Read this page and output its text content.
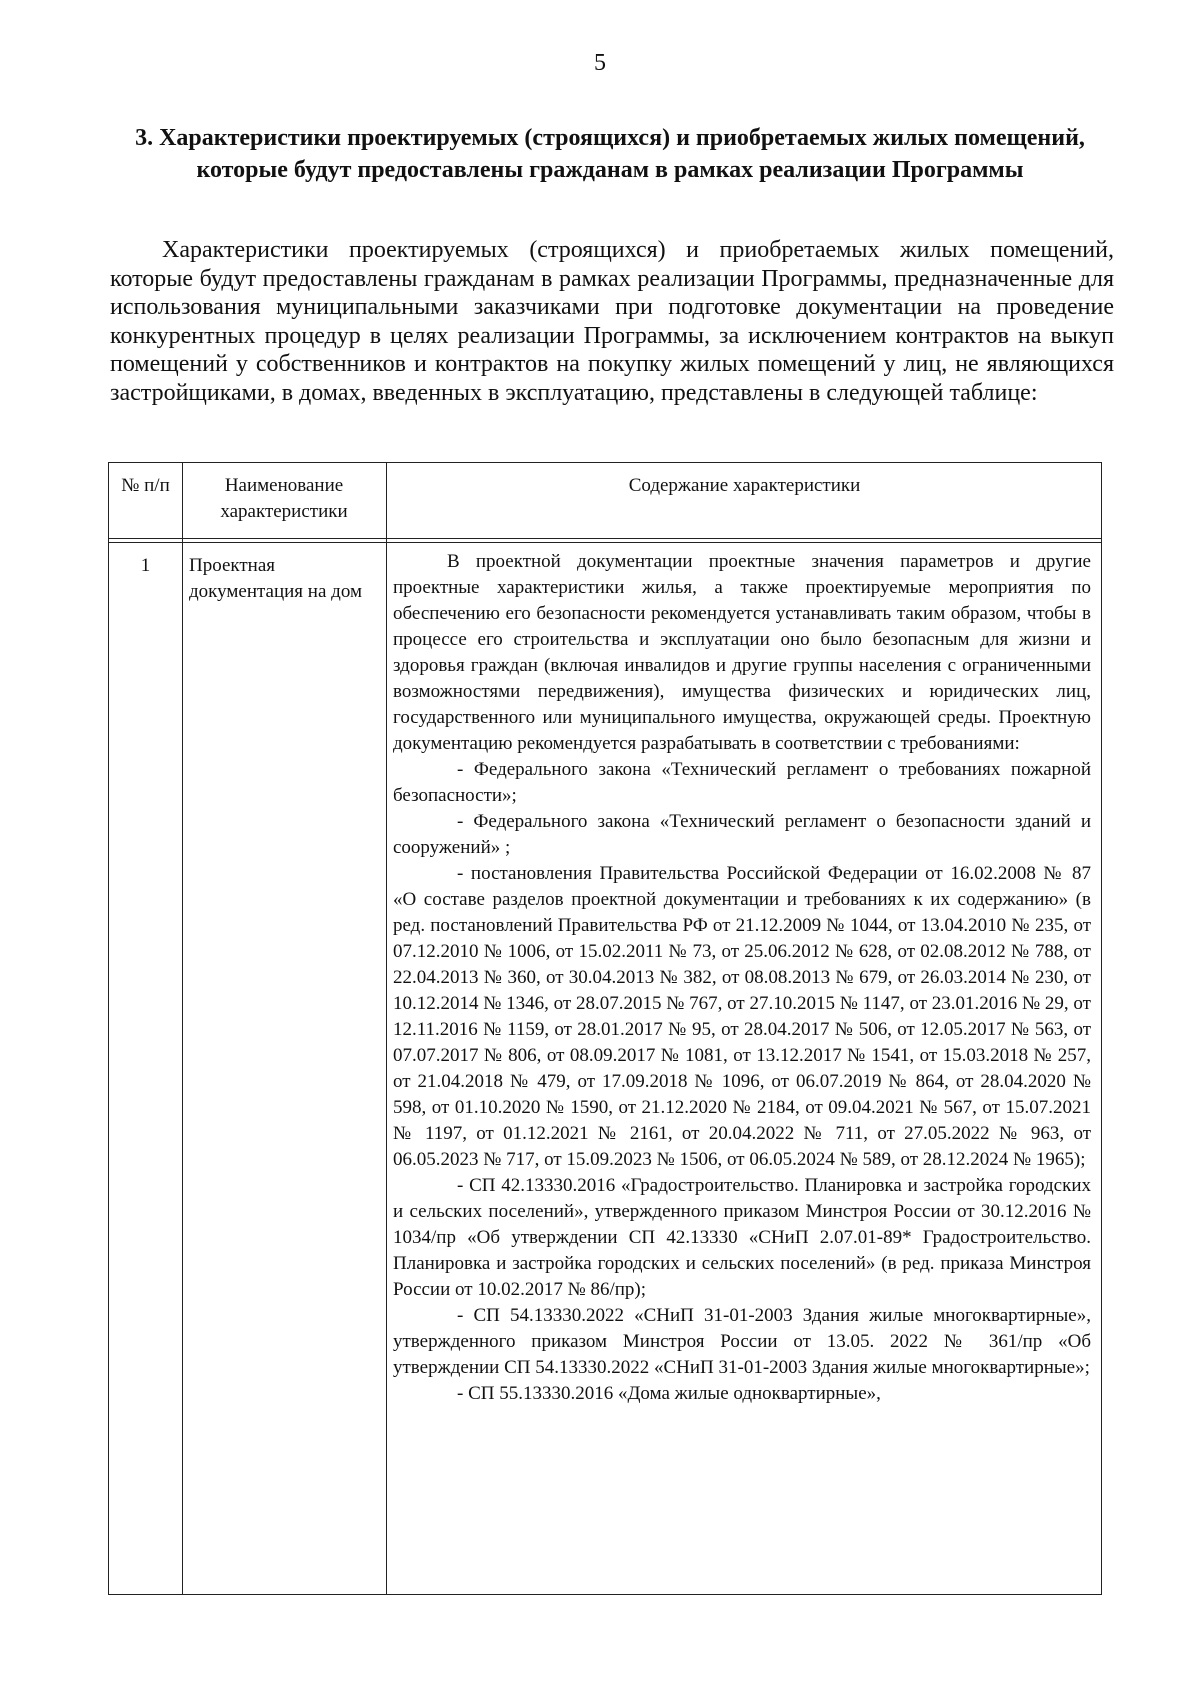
5
3. Характеристики проектируемых (строящихся) и приобретаемых жилых помещений, которые будут предоставлены гражданам в рамках реализации Программы

Характеристики проектируемых (строящихся) и приобретаемых жилых помещений, которые будут предоставлены гражданам в рамках реализации Программы, предназначенные для использования муниципальными заказчиками при подготовке документации на проведение конкурентных процедур в целях реализации Программы, за исключением контрактов на выкуп помещений у собственников и контрактов на покупку жилых помещений у лиц, не являющихся застройщиками, в домах, введенных в эксплуатацию, представлены в следующей таблице:

№ п/п	Наименование характеристики
Содержание характеристики
1	Проектная документация на дом

В проектной документации проектные значения параметров и другие проектные характеристики жилья, а также проектируемые мероприятия по обеспечению его безопасности рекомендуется устанавливать таким образом, чтобы в процессе его строительства и эксплуатации оно было безопасным для жизни и здоровья граждан (включая инвалидов и другие группы населения с ограниченными возможностями передвижения), имущества физических и юридических лиц, государственного или муниципального имущества, окружающей среды. Проектную документацию рекомендуется разрабатывать в соответствии с требованиями:

- Федерального закона «Технический регламент о требованиях пожарной безопасности»;

- Федерального закона «Технический регламент о безопасности зданий и сооружений» ;

- постановления Правительства Российской Федерации от 16.02.2008 № 87 «О составе разделов проектной документации и требованиях к их содержанию» (в ред. постановлений Правительства РФ от 21.12.2009 № 1044, от 13.04.2010 № 235, от 07.12.2010 № 1006, от 15.02.2011 № 73, от 25.06.2012 № 628, от 02.08.2012 № 788, от 22.04.2013 № 360, от 30.04.2013 № 382, от 08.08.2013 № 679, от 26.03.2014 № 230, от 10.12.2014 № 1346, от 28.07.2015 № 767, от 27.10.2015 № 1147, от 23.01.2016 № 29, от 12.11.2016 № 1159, от 28.01.2017 № 95, от 28.04.2017 № 506, от 12.05.2017 № 563, от 07.07.2017 № 806, от 08.09.2017 № 1081, от 13.12.2017 № 1541, от 15.03.2018 № 257, от 21.04.2018 № 479, от 17.09.2018 № 1096, от 06.07.2019 № 864, от 28.04.2020 № 598, от 01.10.2020 № 1590, от 21.12.2020 № 2184, от 09.04.2021 № 567, от 15.07.2021 № 1197, от 01.12.2021 № 2161, от 20.04.2022 № 711, от 27.05.2022 № 963, от 06.05.2023 № 717, от 15.09.2023 № 1506, от 06.05.2024 № 589, от 28.12.2024 № 1965);

- СП 42.13330.2016 «Градостроительство. Планировка и застройка городских и сельских поселений», утвержденного приказом Минстроя России от 30.12.2016 № 1034/пр «Об утверждении СП 42.13330 «СНиП 2.07.01-89* Градостроительство. Планировка и застройка городских и сельских поселений» (в ред. приказа Минстроя России от 10.02.2017 № 86/пр);

- СП 54.13330.2022 «СНиП 31-01-2003 Здания жилые многоквартирные», утвержденного приказом Минстроя России от 13.05. 2022 № 361/пр «Об утверждении СП 54.13330.2022 «СНиП 31-01-2003 Здания жилые многоквартирные»;

- СП 55.13330.2016 «Дома жилые одноквартирные»,
